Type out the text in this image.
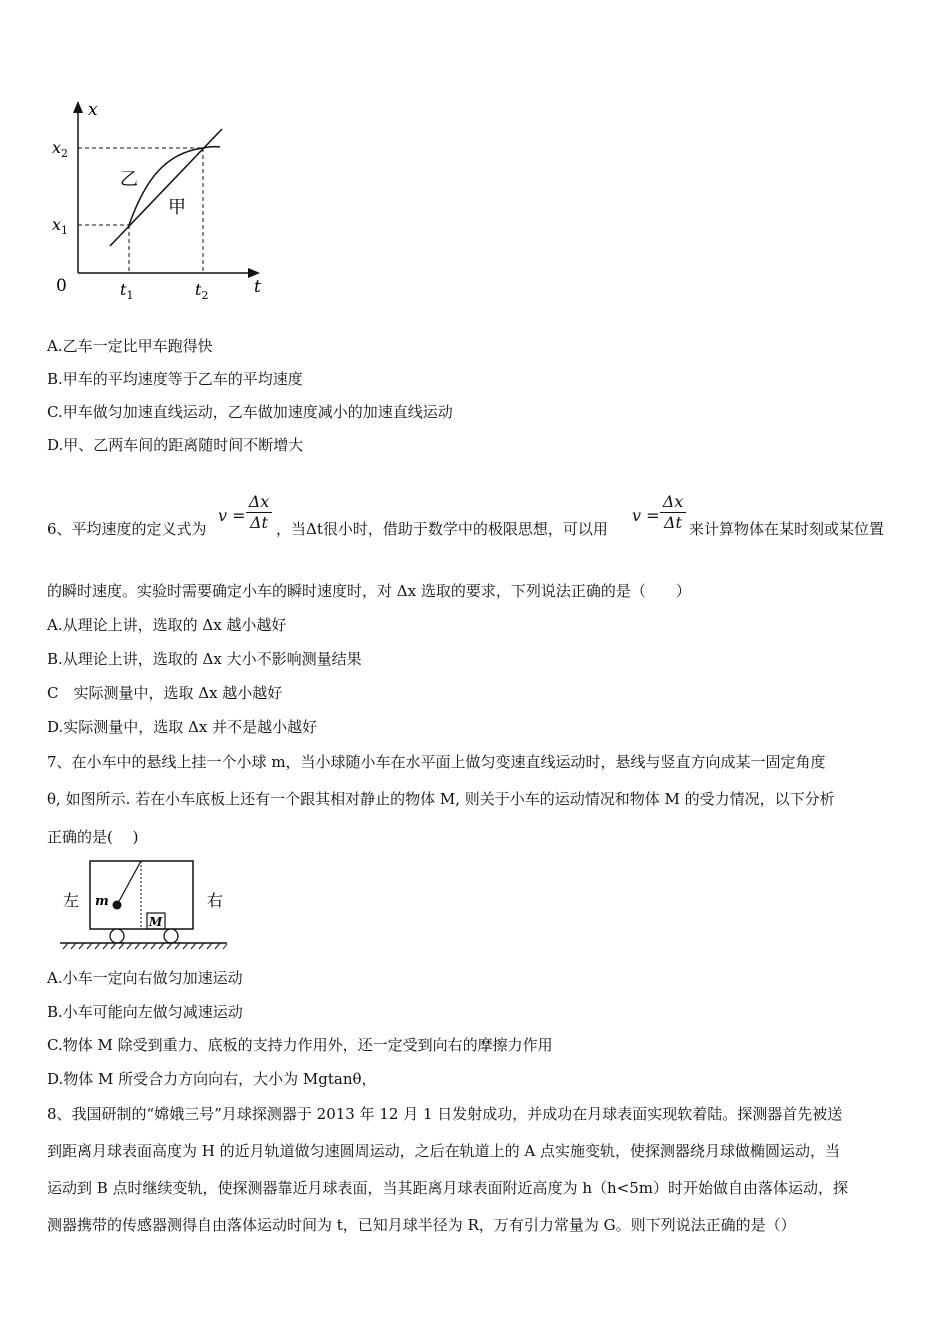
x
t
0
$x_2$
$x_1$
$t_1$	$t_2$
乙
甲
A.乙车一定比甲车跑得快
B.甲车的平均速度等于乙车的平均速度
C.甲车做匀加速直线运动，乙车做加速度减小的加速直线运动
D.甲、乙两车间的距离随时间不断增大
6、平均速度的定义式为
$v = \frac{\Delta x}{\Delta t}$ ，当Δt很小时，借助于数学中的极限思想，可以用
$v = \frac{\Delta x}{\Delta t}$ 来计算物体在某时刻或某位置
的瞬时速度。实验时需要确定小车的瞬时速度时，对 Δx 选取的要求，下列说法正确的是（　　）
A.从理论上讲，选取的 Δx 越小越好
B.从理论上讲，选取的 Δx 大小不影响测量结果
C　实际测量中，选取 Δx 越小越好
D.实际测量中，选取 Δx 并不是越小越好
7、在小车中的悬线上挂一个小球 m，当小球随小车在水平面上做匀变速直线运动时，悬线与竖直方向成某一固定角度
θ, 如图所示. 若在小车底板上还有一个跟其相对静止的物体 M, 则关于小车的运动情况和物体 M 的受力情况，以下分析
正确的是(　 )
m
M
左	右
A.小车一定向右做匀加速运动
B.小车可能向左做匀减速运动
C.物体 M 除受到重力、底板的支持力作用外，还一定受到向右的摩擦力作用
D.物体 M 所受合力方向向右，大小为 Mgtanθ，
8、我国研制的“嫦娥三号”月球探测器于 2013 年 12 月 1 日发射成功，并成功在月球表面实现软着陆。探测器首先被送
到距离月球表面高度为 H 的近月轨道做匀速圆周运动，之后在轨道上的 A 点实施变轨，使探测器绕月球做椭圆运动，当
运动到 B 点时继续变轨，使探测器靠近月球表面，当其距离月球表面附近高度为 h（h<5m）时开始做自由落体运动，探
测器携带的传感器测得自由落体运动时间为 t，已知月球半径为 R，万有引力常量为 G。则下列说法正确的是（）
